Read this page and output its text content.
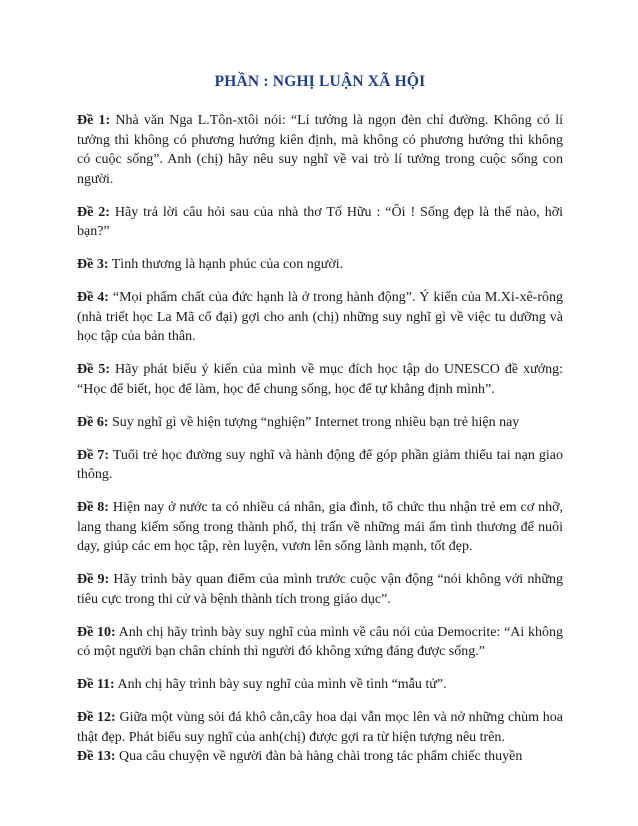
PHẦN : NGHỊ LUẬN XÃ HỘI

Đề 1: Nhà văn Nga L.Tôn-xtôi nói: “Lí tưởng là ngọn đèn chỉ đường. Không có lí tưởng thì không có phương hướng kiên định, mà không có phương hướng thì không có cuộc sống”. Anh (chị) hãy nêu suy nghĩ về vai trò lí tưởng trong cuộc sống con người.

Đề 2: Hãy trả lời câu hỏi sau của nhà thơ Tố Hữu : “Ôi ! Sống đẹp là thế nào, hỡi bạn?”

Đề 3: Tình thương là hạnh phúc của con người.

Đề 4: “Mọi phẩm chất của đức hạnh là ở trong hành động”. Ý kiến của M.Xi-xê-rông (nhà triết học La Mã cổ đại) gợi cho anh (chị) những suy nghĩ gì về việc tu dưỡng và học tập của bản thân.

Đề 5: Hãy phát biểu ý kiến của mình về mục đích học tập do UNESCO đề xướng: “Học để biết, học để làm, học để chung sống, học để tự khẳng định mình”.

Đề 6: Suy nghĩ gì về hiện tượng “nghiện” Internet trong nhiều bạn trẻ hiện nay

Đề 7: Tuổi trẻ học đường suy nghĩ và hành động để góp phần giảm thiểu tai nạn giao thông.

Đề 8: Hiện nay ở nước ta có nhiều cá nhân, gia đình, tổ chức thu nhận trẻ em cơ nhỡ, lang thang kiếm sống trong thành phố, thị trấn về những mái ấm tình thương để nuôi dạy, giúp các em học tập, rèn luyện, vươn lên sống lành mạnh, tốt đẹp.

Đề 9: Hãy trình bày quan điểm của mình trước cuộc vận động “nói không với những tiêu cực trong thi cử và bệnh thành tích trong giáo dục”.

Đề 10: Anh chị hãy trình bày suy nghĩ của mình về câu nói của Democrite: “Ai không có một người bạn chân chính thì người đó không xứng đáng được sống.”

Đề 11: Anh chị hãy trình bày suy nghĩ của mình về tình “mẫu tử”.

Đề 12: Giữa một vùng sỏi đá khô cằn,cây hoa dại vẫn mọc lên và nở những chùm hoa thật đẹp. Phát biểu suy nghĩ của anh(chị) được gợi ra từ hiện tượng nêu trên.

Đề 13: Qua câu chuyện về người đàn bà hàng chài trong tác phẩm chiếc thuyền
